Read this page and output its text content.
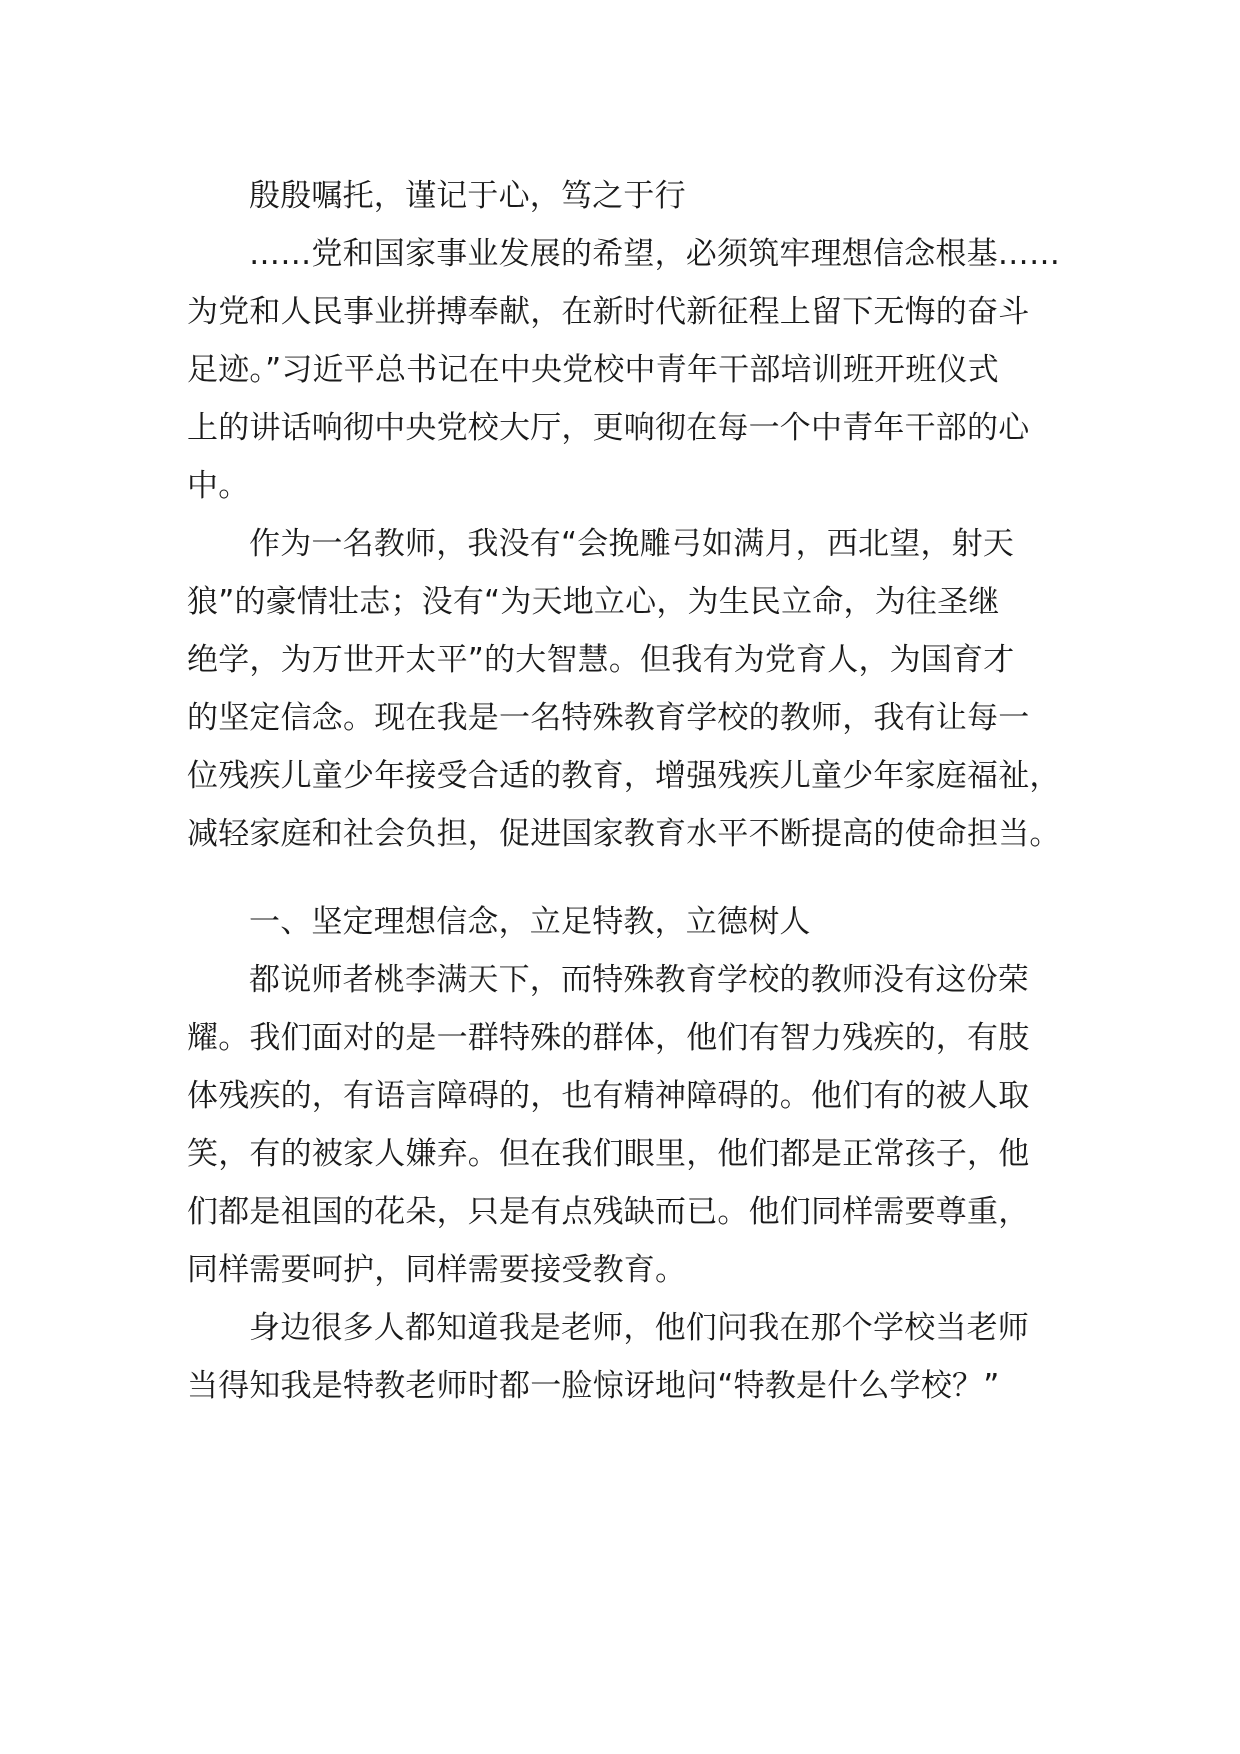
殷殷嘱托，谨记于心，笃之于行
……党和国家事业发展的希望，必须筑牢理想信念根基……
为党和人民事业拼搏奉献，在新时代新征程上留下无悔的奋斗
足迹。”习近平总书记在中央党校中青年干部培训班开班仪式
上的讲话响彻中央党校大厅，更响彻在每一个中青年干部的心
中。
作为一名教师，我没有“会挽雕弓如满月，西北望，射天
狼”的豪情壮志；没有“为天地立心，为生民立命，为往圣继
绝学，为万世开太平”的大智慧。但我有为党育人，为国育才
的坚定信念。现在我是一名特殊教育学校的教师，我有让每一
位残疾儿童少年接受合适的教育，增强残疾儿童少年家庭福祉，
减轻家庭和社会负担，促进国家教育水平不断提高的使命担当。
一、坚定理想信念，立足特教，立德树人
都说师者桃李满天下，而特殊教育学校的教师没有这份荣
耀。我们面对的是一群特殊的群体，他们有智力残疾的，有肢
体残疾的，有语言障碍的，也有精神障碍的。他们有的被人取
笑，有的被家人嫌弃。但在我们眼里，他们都是正常孩子，他
们都是祖国的花朵，只是有点残缺而已。他们同样需要尊重，
同样需要呵护，同样需要接受教育。
身边很多人都知道我是老师，他们问我在那个学校当老师
当得知我是特教老师时都一脸惊讶地问“特教是什么学校？”
